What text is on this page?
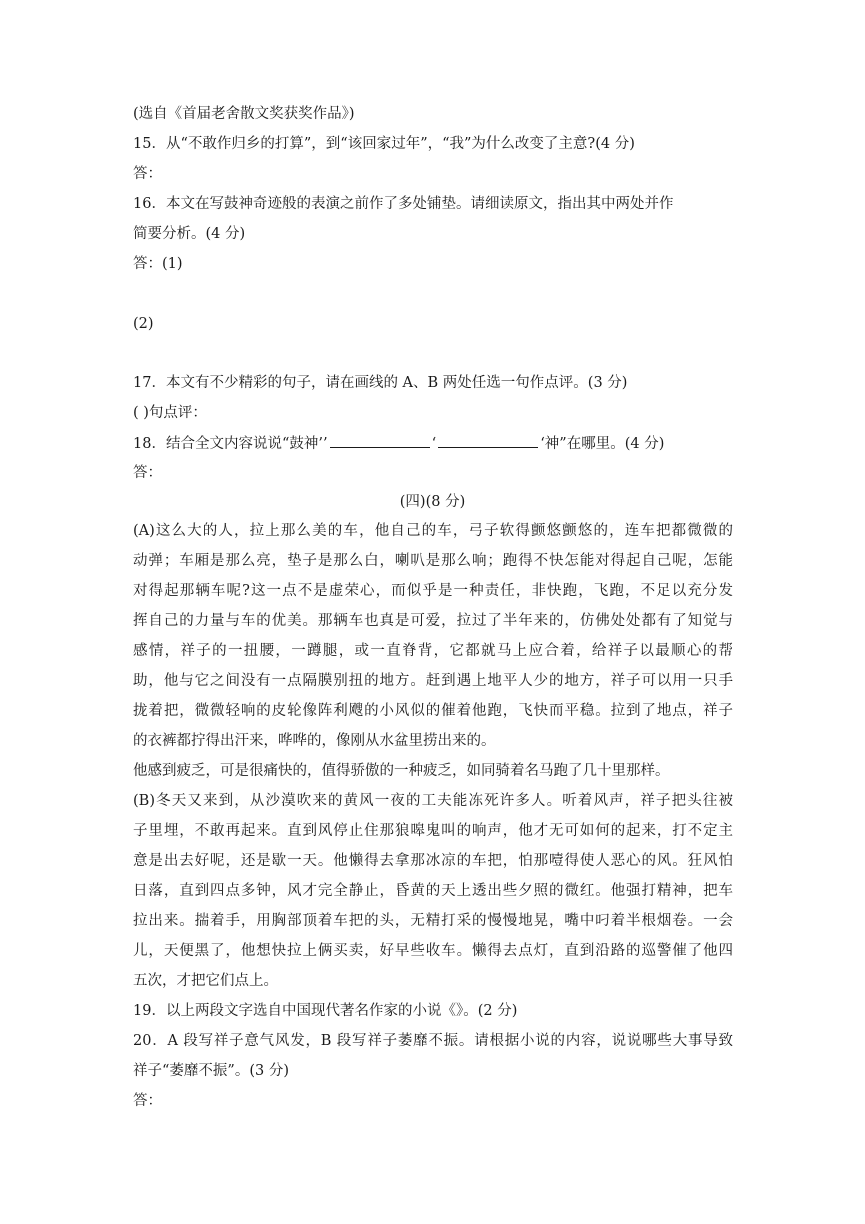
(选自《首届老舍散文奖获奖作品》)
15．从“不敢作归乡的打算”，到“该回家过年”，“我”为什么改变了主意?(4 分)
答：
16．本文在写鼓神奇迹般的表演之前作了多处铺垫。请细读原文，指出其中两处并作
简要分析。(4 分)
答：(1)
(2)
17．本文有不少精彩的句子，请在画线的 A、B 两处任选一句作点评。(3 分)
( )句点评：
18．结合全文内容说说“鼓神’’	‘	‘神”在哪里。(4 分)
答：
(四)(8 分)
(A)这么大的人，拉上那么美的车，他自己的车，弓子软得颤悠颤悠的，连车把都微微的
动弹；车厢是那么亮，垫子是那么白，喇叭是那么响；跑得不快怎能对得起自己呢，怎能
对得起那辆车呢?这一点不是虚荣心，而似乎是一种责任，非快跑，飞跑，不足以充分发
挥自己的力量与车的优美。那辆车也真是可爱，拉过了半年来的，仿佛处处都有了知觉与
感情，祥子的一扭腰，一蹲腿，或一直脊背，它都就马上应合着，给祥子以最顺心的帮
助，他与它之间没有一点隔膜别扭的地方。赶到遇上地平人少的地方，祥子可以用一只手
拢着把，微微轻响的皮轮像阵利飕的小风似的催着他跑，飞快而平稳。拉到了地点，祥子
的衣裤都拧得出汗来，哗哗的，像刚从水盆里捞出来的。
他感到疲乏，可是很痛快的，值得骄傲的一种疲乏，如同骑着名马跑了几十里那样。
(B)冬天又来到，从沙漠吹来的黄风一夜的工夫能冻死许多人。听着风声，祥子把头往被
子里埋，不敢再起来。直到风停止住那狼嗥鬼叫的响声，他才无可如何的起来，打不定主
意是出去好呢，还是歇一天。他懒得去拿那冰凉的车把，怕那噎得使人恶心的风。狂风怕
日落，直到四点多钟，风才完全静止，昏黄的天上透出些夕照的微红。他强打精神，把车
拉出来。揣着手，用胸部顶着车把的头，无精打采的慢慢地晃，嘴中叼着半根烟卷。一会
儿，天便黑了，他想快拉上俩买卖，好早些收车。懒得去点灯，直到沿路的巡警催了他四
五次，才把它们点上。
19．以上两段文字选自中国现代著名作家的小说《》。(2 分)
20．A 段写祥子意气风发，B 段写祥子萎靡不振。请根据小说的内容，说说哪些大事导致
祥子“萎靡不振”。(3 分)
答：
